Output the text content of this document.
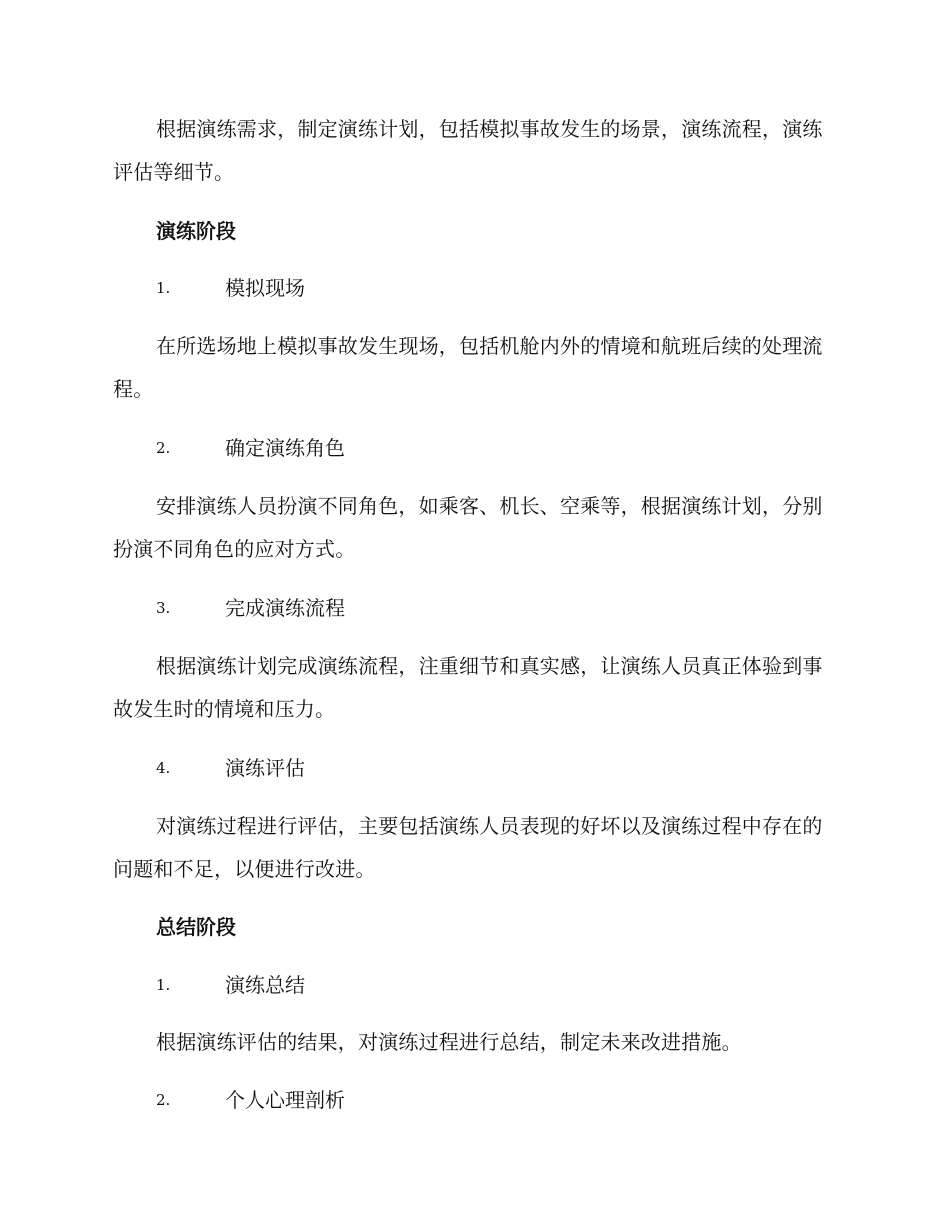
根据演练需求，制定演练计划，包括模拟事故发生的场景，演练流程，演练评估等细节。

演练阶段
1.	模拟现场

在所选场地上模拟事故发生现场，包括机舱内外的情境和航班后续的处理流程。

2.	确定演练角色

安排演练人员扮演不同角色，如乘客、机长、空乘等，根据演练计划，分别扮演不同角色的应对方式。

3.	完成演练流程

根据演练计划完成演练流程，注重细节和真实感，让演练人员真正体验到事故发生时的情境和压力。

4.	演练评估

对演练过程进行评估，主要包括演练人员表现的好坏以及演练过程中存在的问题和不足，以便进行改进。

总结阶段
1.	演练总结

根据演练评估的结果，对演练过程进行总结，制定未来改进措施。

2.	个人心理剖析
